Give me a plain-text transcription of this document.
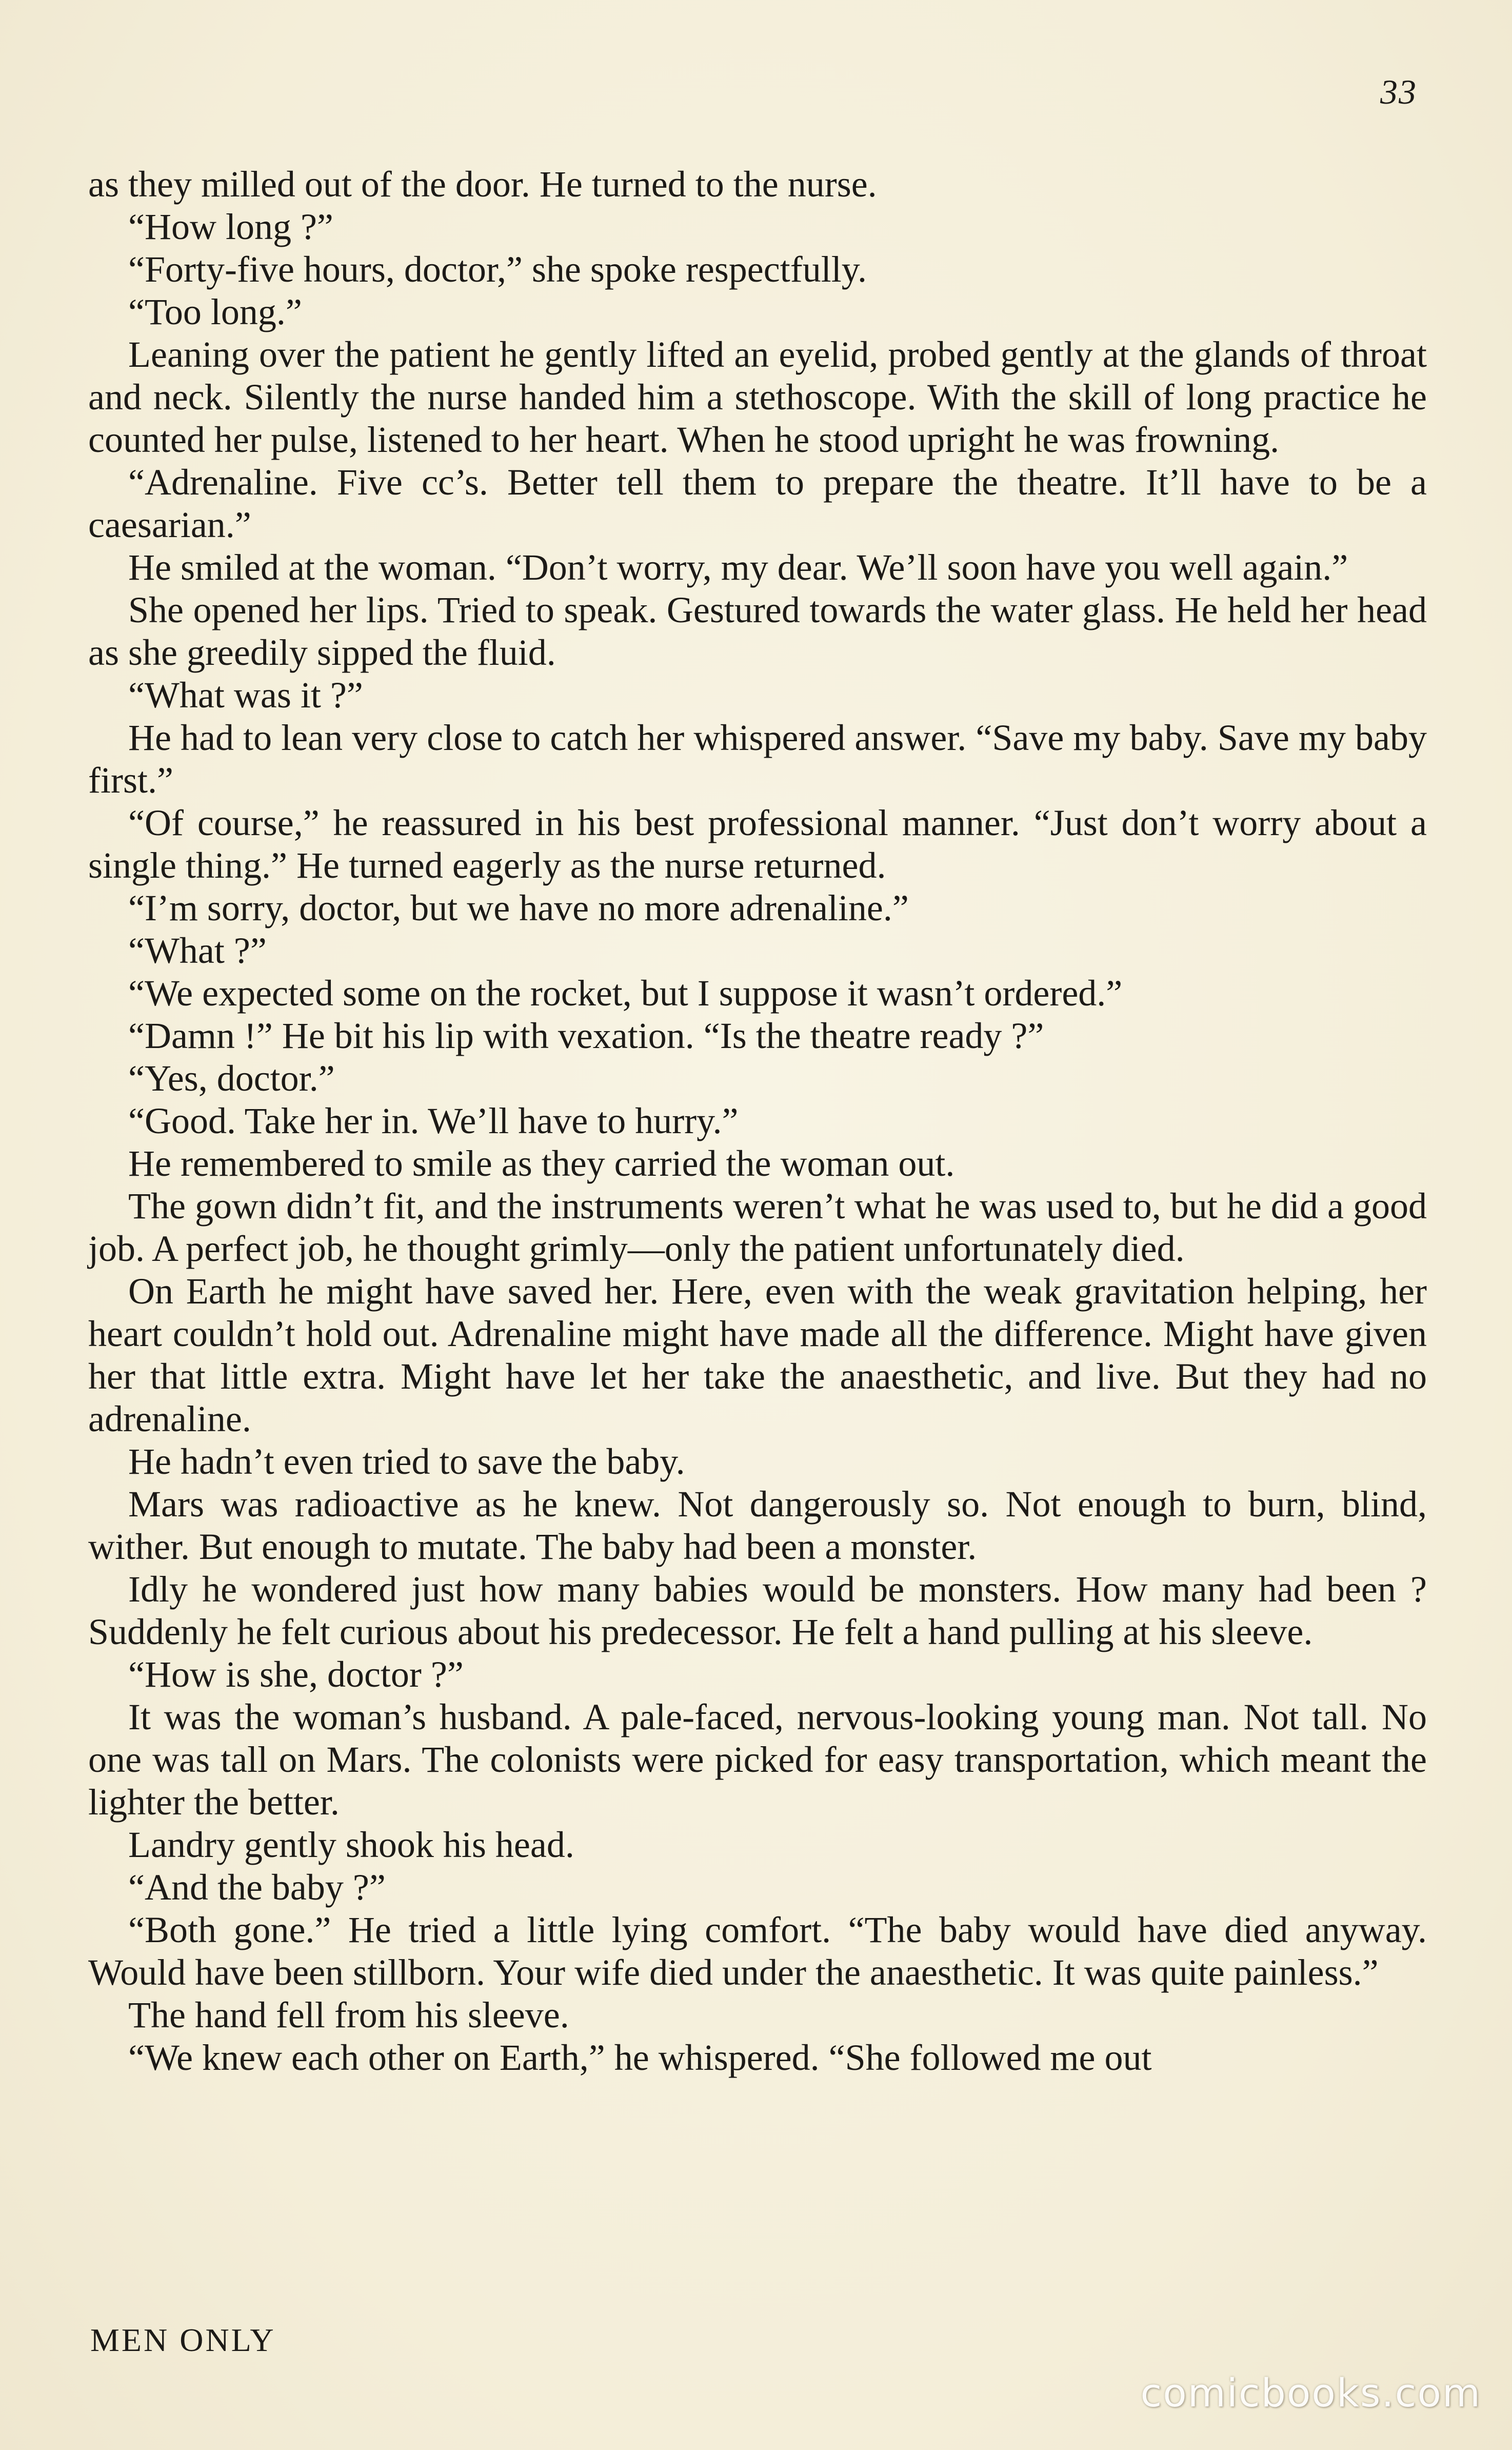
33

as they milled out of the door. He turned to the nurse.

“How long ?”

“Forty-five hours, doctor,” she spoke respectfully.

“Too long.”

Leaning over the patient he gently lifted an eyelid, probed gently at the glands of throat and neck. Silently the nurse handed him a stethoscope. With the skill of long practice he counted her pulse, listened to her heart. When he stood upright he was frowning.

“Adrenaline. Five cc’s. Better tell them to prepare the theatre. It’ll have to be a caesarian.”

He smiled at the woman. “Don’t worry, my dear. We’ll soon have you well again.”

She opened her lips. Tried to speak. Gestured towards the water glass. He held her head as she greedily sipped the fluid.

“What was it ?”

He had to lean very close to catch her whispered answer. “Save my baby. Save my baby first.”

“Of course,” he reassured in his best professional manner. “Just don’t worry about a single thing.” He turned eagerly as the nurse returned.

“I’m sorry, doctor, but we have no more adrenaline.”

“What ?”

“We expected some on the rocket, but I suppose it wasn’t ordered.”

“Damn !” He bit his lip with vexation. “Is the theatre ready ?”

“Yes, doctor.”

“Good. Take her in. We’ll have to hurry.”

He remembered to smile as they carried the woman out.

The gown didn’t fit, and the instruments weren’t what he was used to, but he did a good job. A perfect job, he thought grimly—only the patient unfortunately died.

On Earth he might have saved her. Here, even with the weak gravitation helping, her heart couldn’t hold out. Adrenaline might have made all the difference. Might have given her that little extra. Might have let her take the anaesthetic, and live. But they had no adrenaline.

He hadn’t even tried to save the baby.

Mars was radioactive as he knew. Not dangerously so. Not enough to burn, blind, wither. But enough to mutate. The baby had been a monster.

Idly he wondered just how many babies would be monsters. How many had been ? Suddenly he felt curious about his predecessor. He felt a hand pulling at his sleeve.

“How is she, doctor ?”

It was the woman’s husband. A pale-faced, nervous-looking young man. Not tall. No one was tall on Mars. The colonists were picked for easy transportation, which meant the lighter the better.

Landry gently shook his head.

“And the baby ?”

“Both gone.” He tried a little lying comfort. “The baby would have died anyway. Would have been stillborn. Your wife died under the anaesthetic. It was quite painless.”

The hand fell from his sleeve.

“We knew each other on Earth,” he whispered. “She followed me out

MEN ONLY
comicbooks.com
